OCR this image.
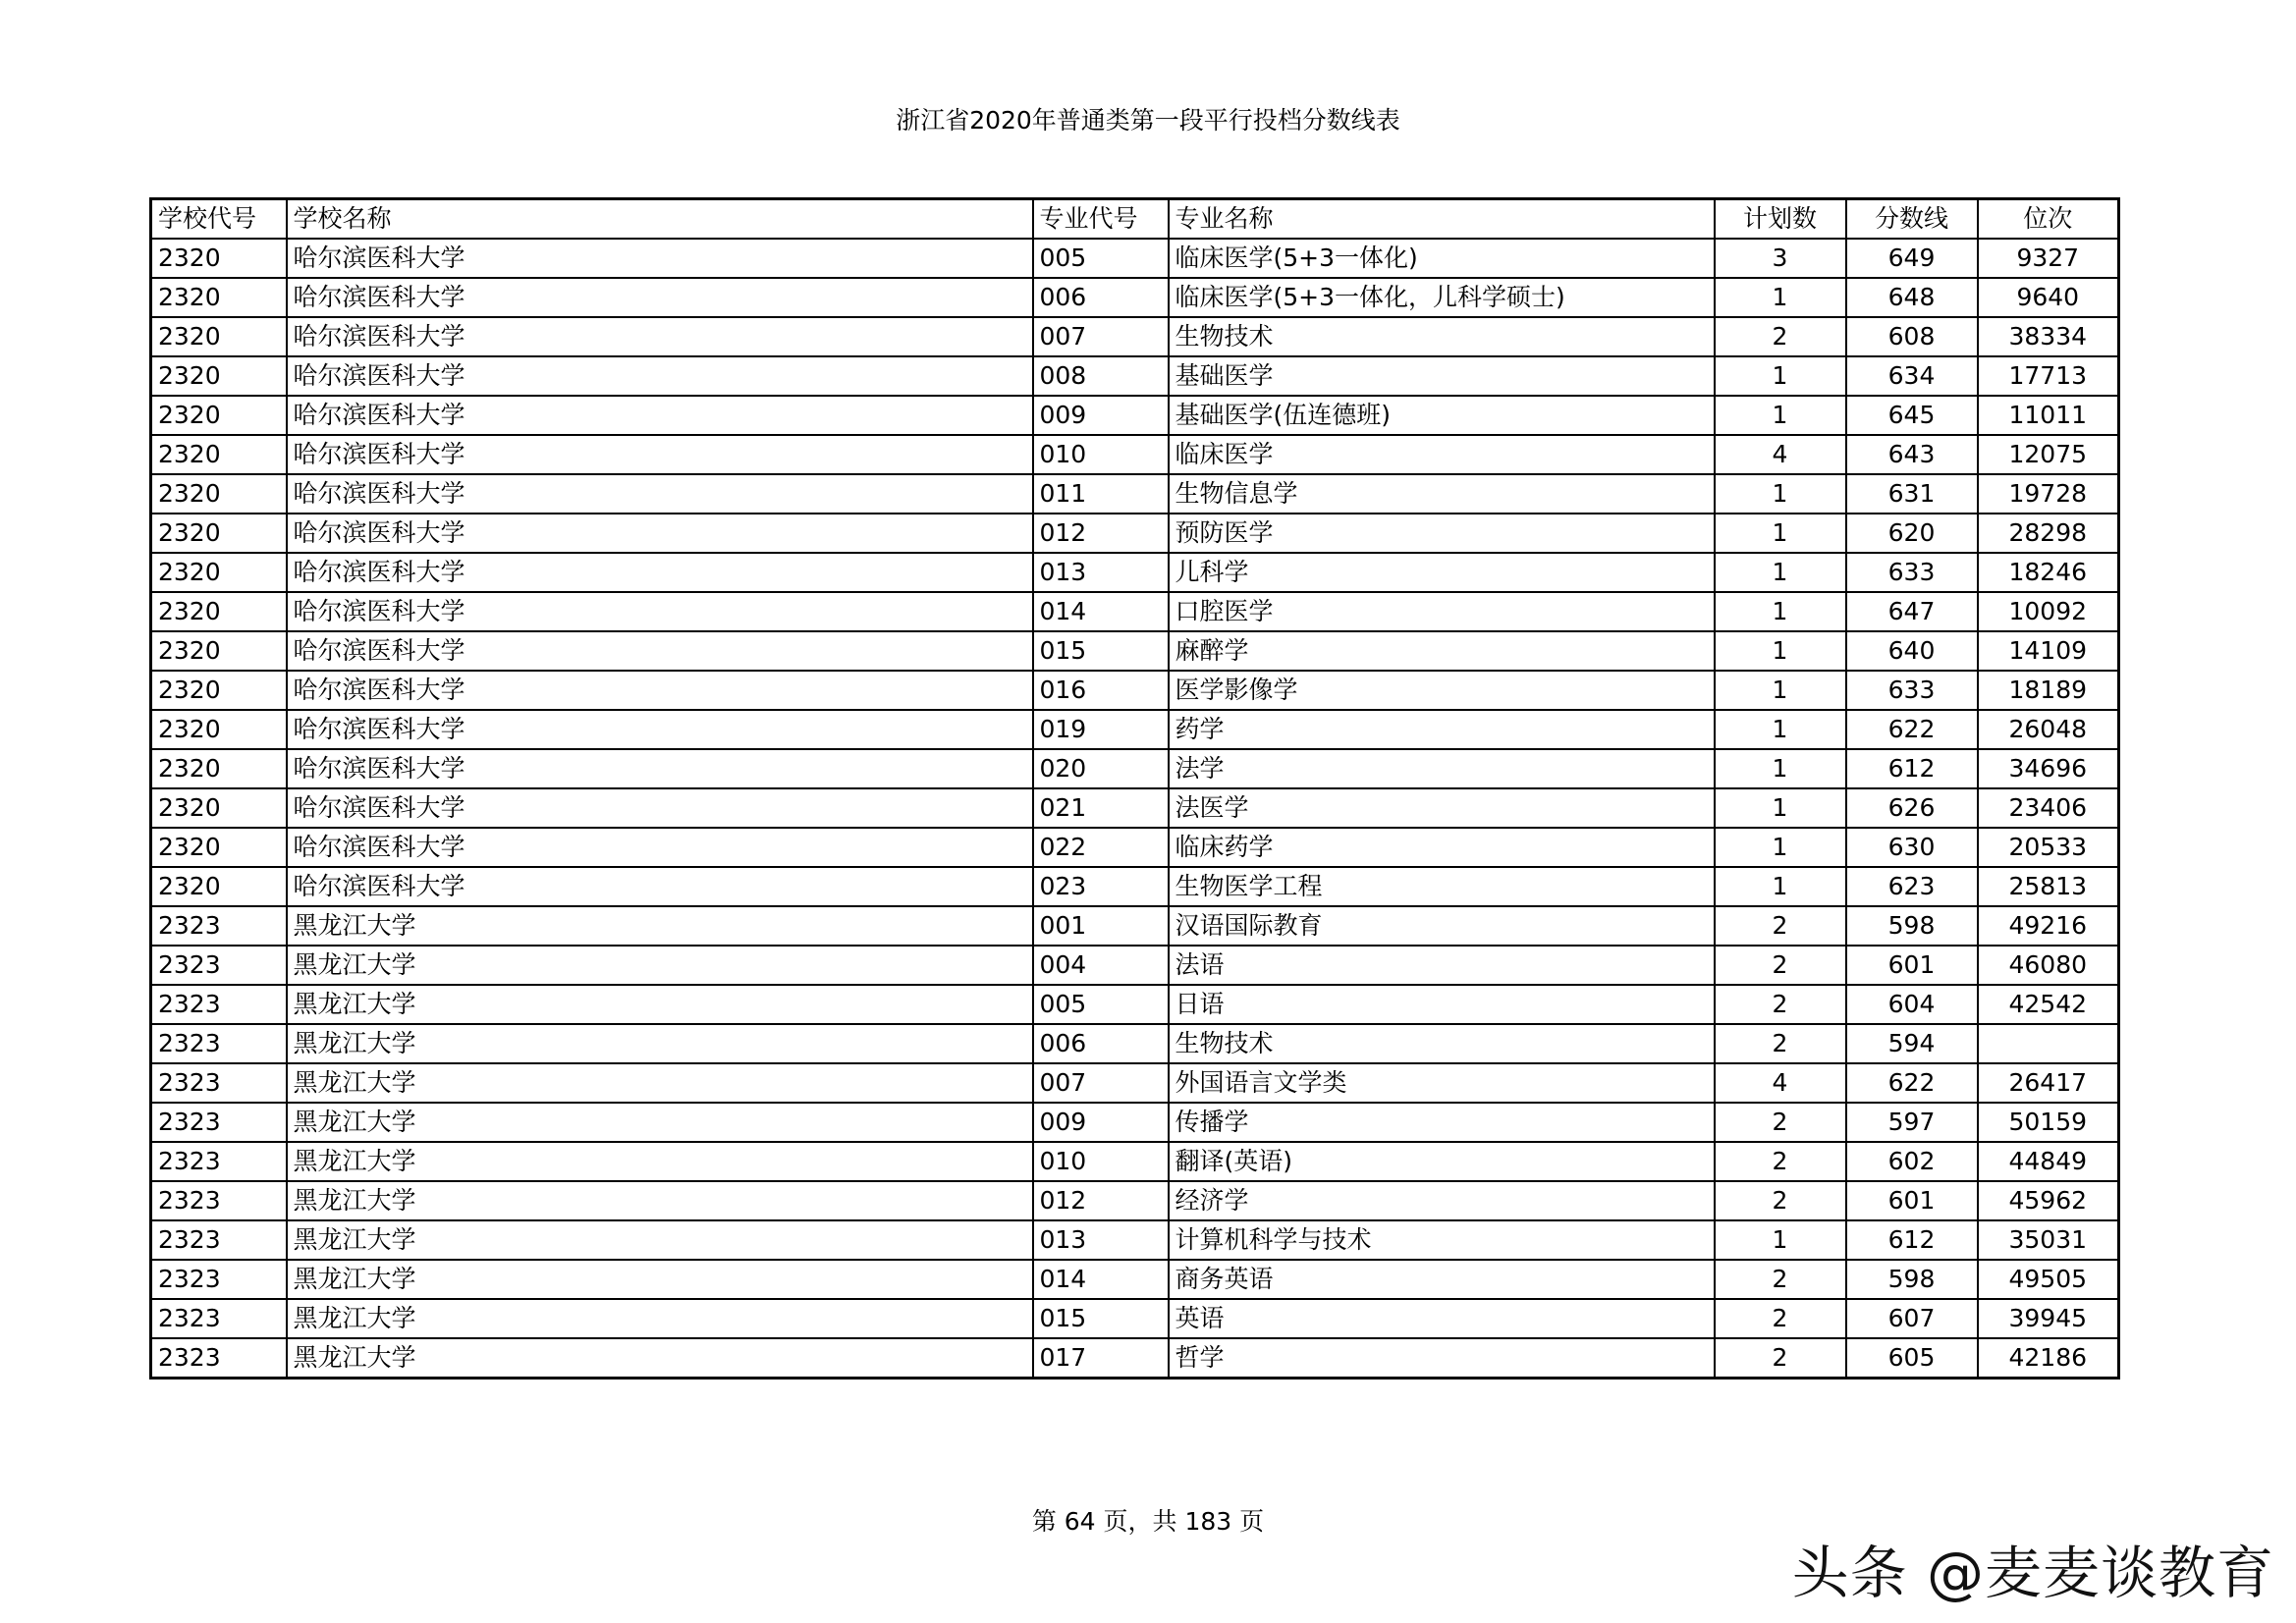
浙江省2020年普通类第一段平行投档分数线表
学校代号	学校名称	专业代号	专业名称	计划数	分数线	位次
2320	哈尔滨医科大学	005	临床医学(5+3一体化)	3	649	9327
2320	哈尔滨医科大学	006	临床医学(5+3一体化，儿科学硕士)	1	648	9640
2320	哈尔滨医科大学	007	生物技术	2	608	38334
2320	哈尔滨医科大学	008	基础医学	1	634	17713
2320	哈尔滨医科大学	009	基础医学(伍连德班)	1	645	11011
2320	哈尔滨医科大学	010	临床医学	4	643	12075
2320	哈尔滨医科大学	011	生物信息学	1	631	19728
2320	哈尔滨医科大学	012	预防医学	1	620	28298
2320	哈尔滨医科大学	013	儿科学	1	633	18246
2320	哈尔滨医科大学	014	口腔医学	1	647	10092
2320	哈尔滨医科大学	015	麻醉学	1	640	14109
2320	哈尔滨医科大学	016	医学影像学	1	633	18189
2320	哈尔滨医科大学	019	药学	1	622	26048
2320	哈尔滨医科大学	020	法学	1	612	34696
2320	哈尔滨医科大学	021	法医学	1	626	23406
2320	哈尔滨医科大学	022	临床药学	1	630	20533
2320	哈尔滨医科大学	023	生物医学工程	1	623	25813
2323	黑龙江大学	001	汉语国际教育	2	598	49216
2323	黑龙江大学	004	法语	2	601	46080
2323	黑龙江大学	005	日语	2	604	42542
2323	黑龙江大学	006	生物技术	2	594	
2323	黑龙江大学	007	外国语言文学类	4	622	26417
2323	黑龙江大学	009	传播学	2	597	50159
2323	黑龙江大学	010	翻译(英语)	2	602	44849
2323	黑龙江大学	012	经济学	2	601	45962
2323	黑龙江大学	013	计算机科学与技术	1	612	35031
2323	黑龙江大学	014	商务英语	2	598	49505
2323	黑龙江大学	015	英语	2	607	39945
2323	黑龙江大学	017	哲学	2	605	42186
第 64 页，共 183 页
头条 @麦麦谈教育
